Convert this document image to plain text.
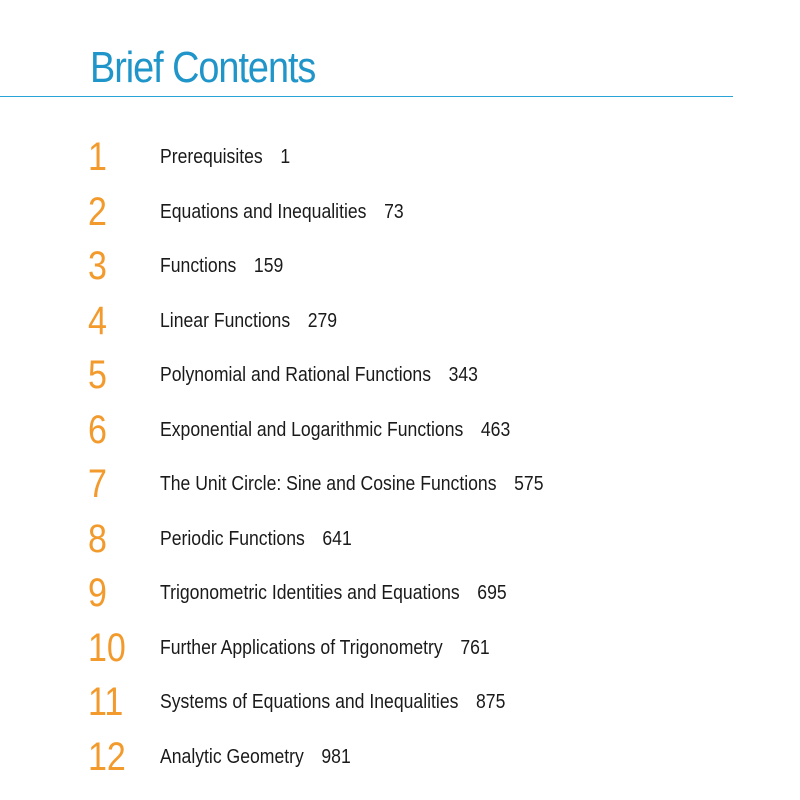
Brief Contents
1	Prerequisites 1
2	Equations and Inequalities 73
3	Functions 159
4	Linear Functions 279
5	Polynomial and Rational Functions 343
6	Exponential and Logarithmic Functions 463
7	The Unit Circle: Sine and Cosine Functions 575
8	Periodic Functions 641
9	Trigonometric Identities and Equations 695
10	Further Applications of Trigonometry 761
11	Systems of Equations and Inequalities 875
12	Analytic Geometry 981
